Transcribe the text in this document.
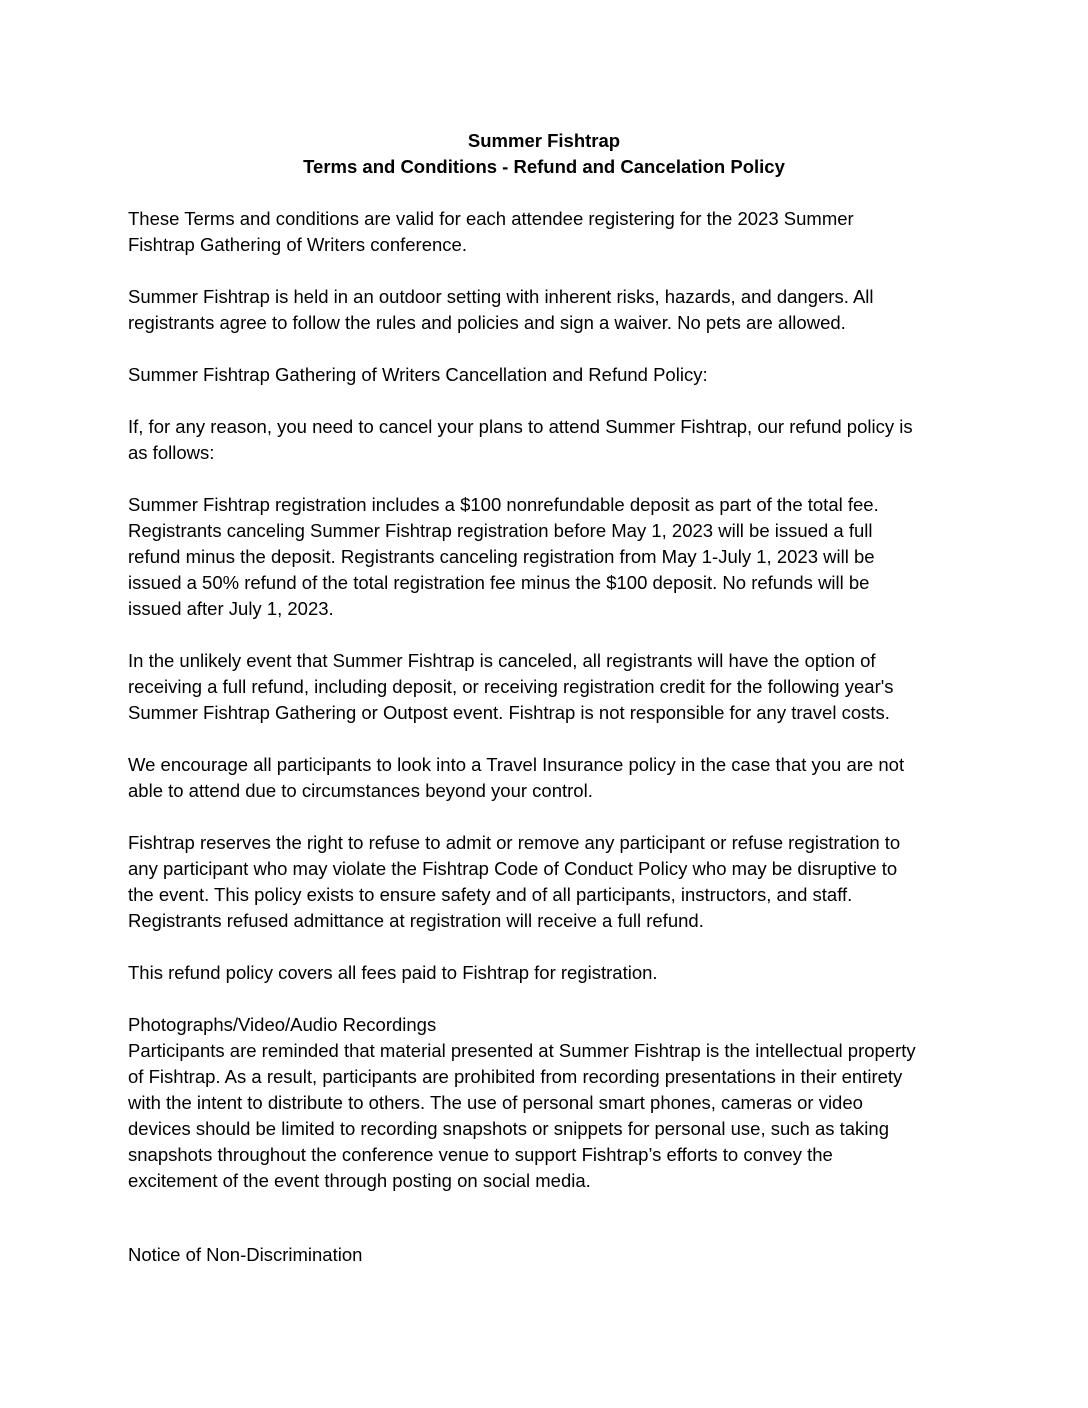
Summer Fishtrap
Terms and Conditions - Refund and Cancelation Policy

These Terms and conditions are valid for each attendee registering for the 2023 Summer

Fishtrap Gathering of Writers conference.

Summer Fishtrap is held in an outdoor setting with inherent risks, hazards, and dangers. All

registrants agree to follow the rules and policies and sign a waiver. No pets are allowed.

Summer Fishtrap Gathering of Writers Cancellation and Refund Policy:

If, for any reason, you need to cancel your plans to attend Summer Fishtrap, our refund policy is

as follows:

Summer Fishtrap registration includes a $100 nonrefundable deposit as part of the total fee.

Registrants canceling Summer Fishtrap registration before May 1, 2023 will be issued a full

refund minus the deposit. Registrants canceling registration from May 1-July 1, 2023 will be

issued a 50% refund of the total registration fee minus the $100 deposit. No refunds will be

issued after July 1, 2023.

In the unlikely event that Summer Fishtrap is canceled, all registrants will have the option of

receiving a full refund, including deposit, or receiving registration credit for the following year's

Summer Fishtrap Gathering or Outpost event. Fishtrap is not responsible for any travel costs.

We encourage all participants to look into a Travel Insurance policy in the case that you are not

able to attend due to circumstances beyond your control.

Fishtrap reserves the right to refuse to admit or remove any participant or refuse registration to

any participant who may violate the Fishtrap Code of Conduct Policy who may be disruptive to

the event. This policy exists to ensure safety and of all participants, instructors, and staff.

Registrants refused admittance at registration will receive a full refund.

This refund policy covers all fees paid to Fishtrap for registration.

Photographs/Video/Audio Recordings

Participants are reminded that material presented at Summer Fishtrap is the intellectual property

of Fishtrap. As a result, participants are prohibited from recording presentations in their entirety

with the intent to distribute to others. The use of personal smart phones, cameras or video

devices should be limited to recording snapshots or snippets for personal use, such as taking

snapshots throughout the conference venue to support Fishtrap’s efforts to convey the

excitement of the event through posting on social media.

Notice of Non-Discrimination
